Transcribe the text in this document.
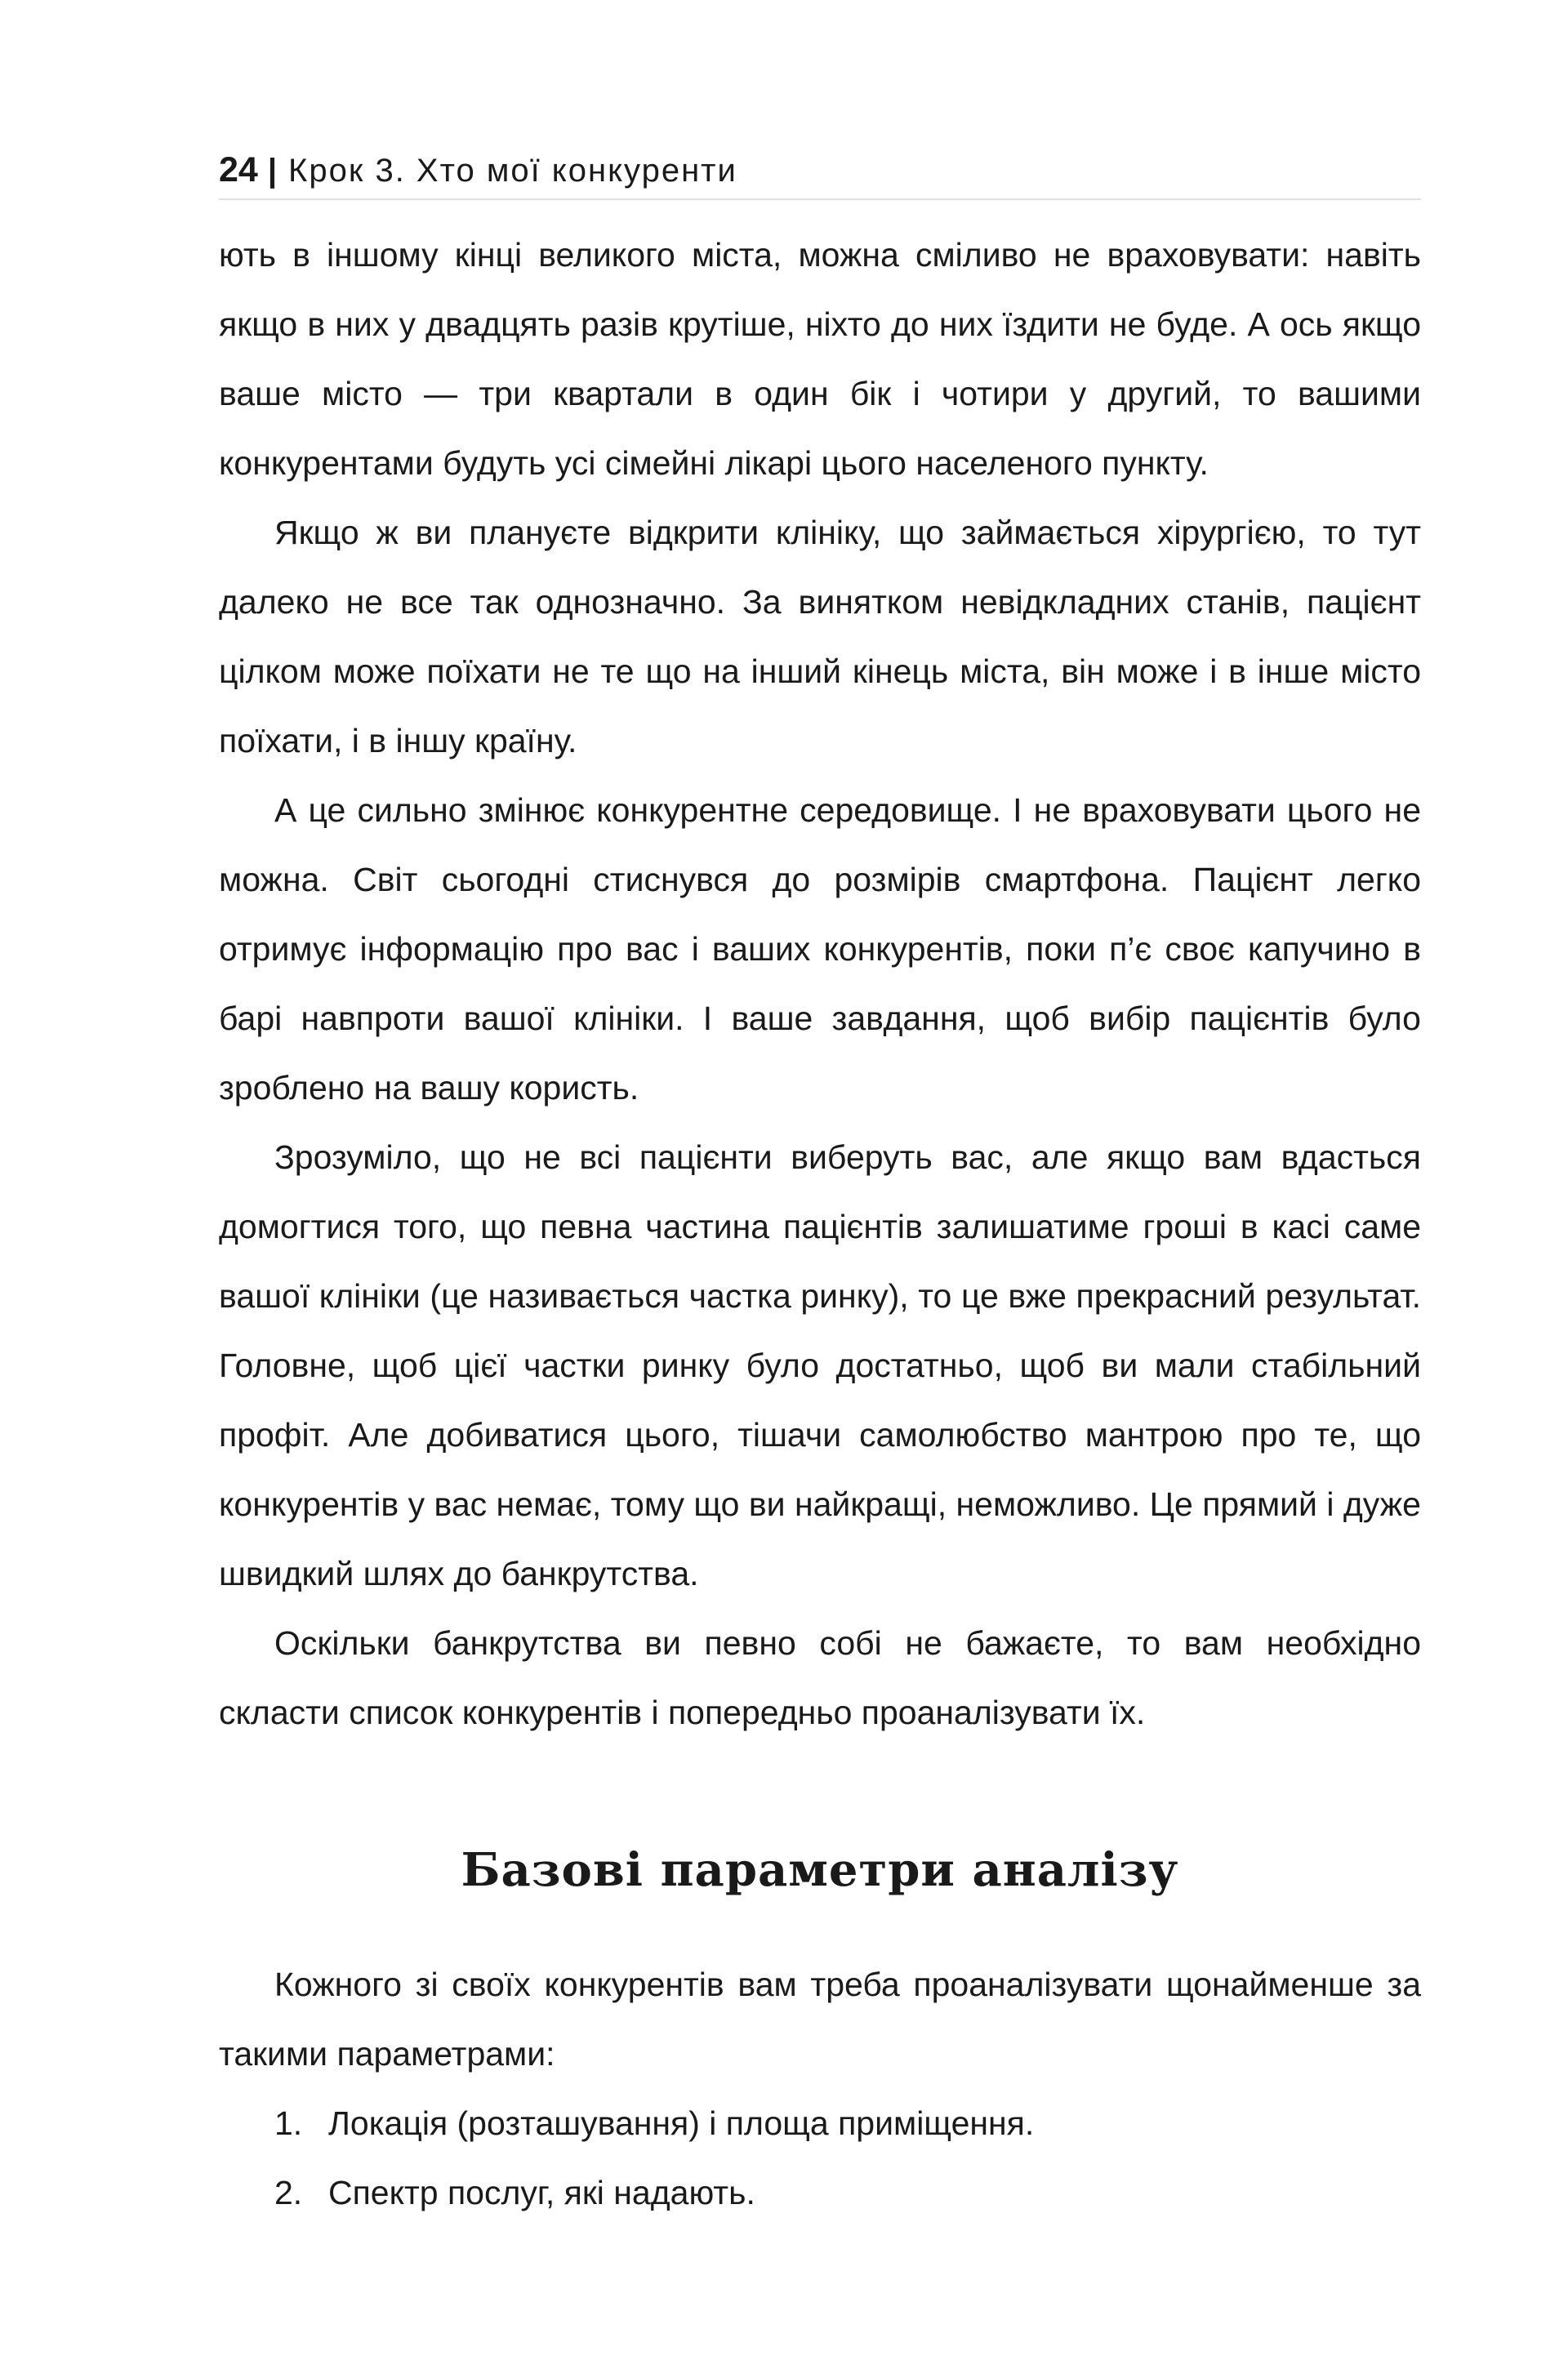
24 | Крок 3. Хто мої конкуренти

ють в іншому кінці великого міста, можна сміливо не враховувати: навіть якщо в них у двадцять разів крутіше, ніхто до них їздити не буде. А ось якщо ваше місто — три квартали в один бік і чотири у другий, то вашими конкурентами будуть усі сімейні лікарі цього населеного пункту.

Якщо ж ви плануєте відкрити клініку, що займається хірургією, то тут далеко не все так однозначно. За винятком невідкладних станів, пацієнт цілком може поїхати не те що на інший кінець міста, він може і в інше місто поїхати, і в іншу країну.

А це сильно змінює конкурентне середовище. І не враховувати цього не можна. Світ сьогодні стиснувся до розмірів смартфона. Пацієнт легко отримує інформацію про вас і ваших конкурентів, поки п’є своє капучино в барі навпроти вашої клініки. І ваше завдання, щоб вибір пацієнтів було зроблено на вашу користь.

Зрозуміло, що не всі пацієнти виберуть вас, але якщо вам вдасться домогтися того, що певна частина пацієнтів залишатиме гроші в касі саме вашої клініки (це називається частка ринку), то це вже прекрасний результат. Головне, щоб цієї частки ринку було достатньо, щоб ви мали стабільний профіт. Але добиватися цього, тішачи самолюбство мантрою про те, що конкурентів у вас немає, тому що ви найкращі, неможливо. Це прямий і дуже швидкий шлях до банкрутства.

Оскільки банкрутства ви певно собі не бажаєте, то вам необхідно скласти список конкурентів і попередньо проаналізувати їх.

Базові параметри аналізу

Кожного зі своїх конкурентів вам треба проаналізувати щонайменше за такими параметрами:

1. Локація (розташування) і площа приміщення.
2. Спектр послуг, які надають.
